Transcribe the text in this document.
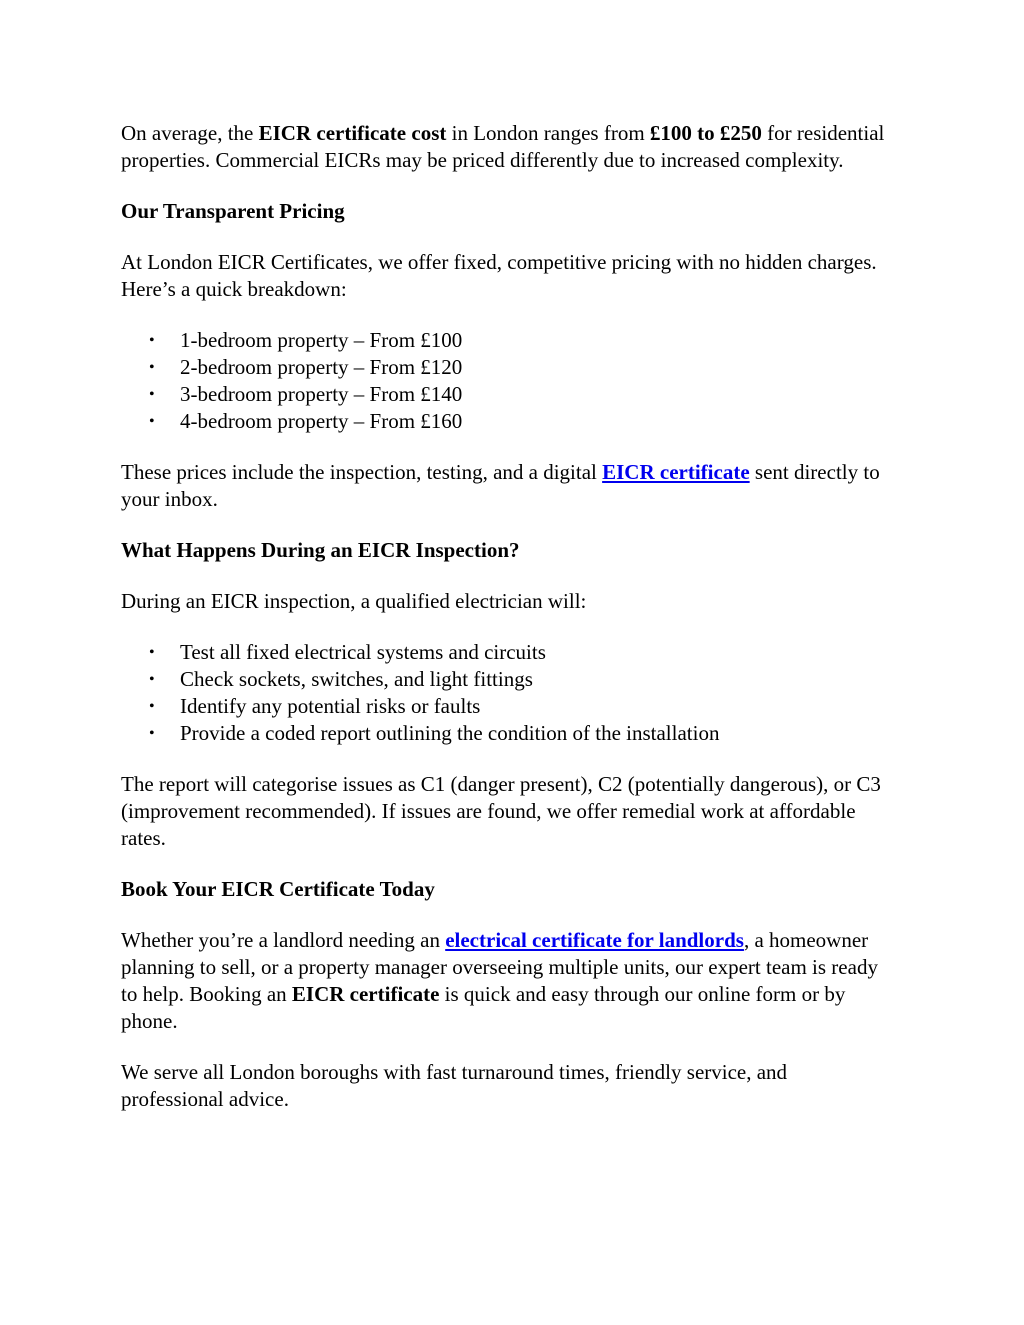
On average, the EICR certificate cost in London ranges from £100 to £250 for residential properties. Commercial EICRs may be priced differently due to increased complexity.

Our Transparent Pricing

At London EICR Certificates, we offer fixed, competitive pricing with no hidden charges. Here’s a quick breakdown:

• 1-bedroom property – From £100
• 2-bedroom property – From £120
• 3-bedroom property – From £140
• 4-bedroom property – From £160

These prices include the inspection, testing, and a digital EICR certificate sent directly to your inbox.

What Happens During an EICR Inspection?

During an EICR inspection, a qualified electrician will:

• Test all fixed electrical systems and circuits
• Check sockets, switches, and light fittings
• Identify any potential risks or faults
• Provide a coded report outlining the condition of the installation

The report will categorise issues as C1 (danger present), C2 (potentially dangerous), or C3 (improvement recommended). If issues are found, we offer remedial work at affordable rates.

Book Your EICR Certificate Today

Whether you’re a landlord needing an electrical certificate for landlords, a homeowner planning to sell, or a property manager overseeing multiple units, our expert team is ready to help. Booking an EICR certificate is quick and easy through our online form or by phone.

We serve all London boroughs with fast turnaround times, friendly service, and professional advice.
